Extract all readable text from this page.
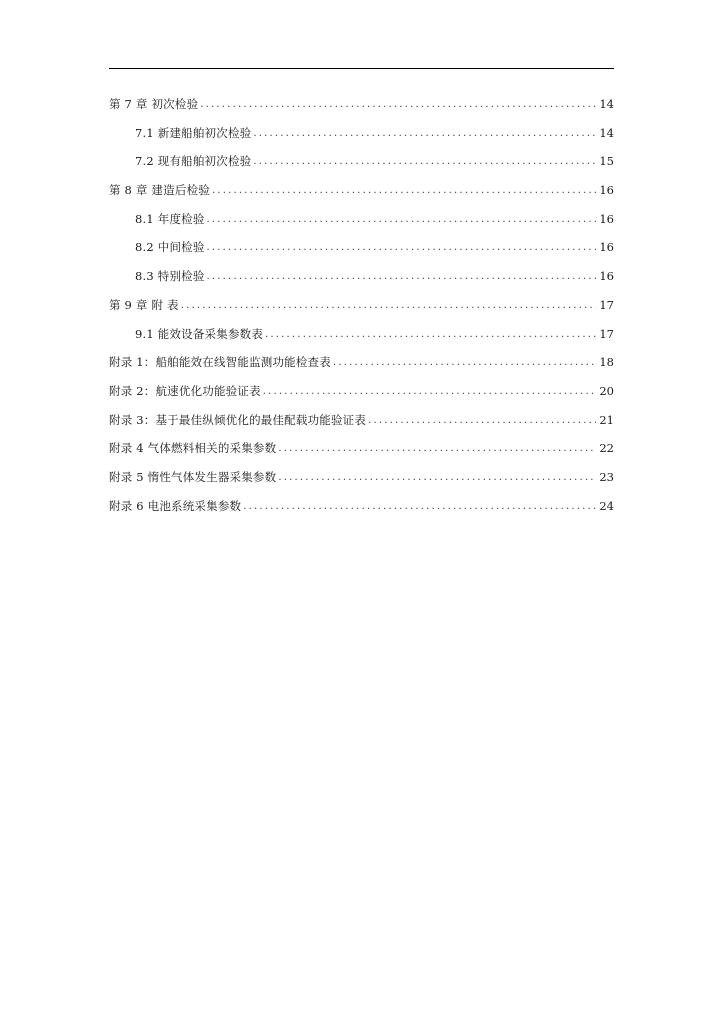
第 7 章 初次检验 .....	14
7.1 新建船舶初次检验 .....	14
7.2 现有船舶初次检验 .....	15
第 8 章 建造后检验 .....	16
8.1 年度检验 .....	16
8.2 中间检验 .....	16
8.3 特别检验 .....	16
第 9 章 附 表 .....	17
9.1 能效设备采集参数表 .....	17
附录 1：船舶能效在线智能监测功能检查表 .....	18
附录 2：航速优化功能验证表 .....	20
附录 3：基于最佳纵倾优化的最佳配载功能验证表 .....	21
附录 4 气体燃料相关的采集参数 .....	22
附录 5 惰性气体发生器采集参数 .....	23
附录 6 电池系统采集参数 .....	24
